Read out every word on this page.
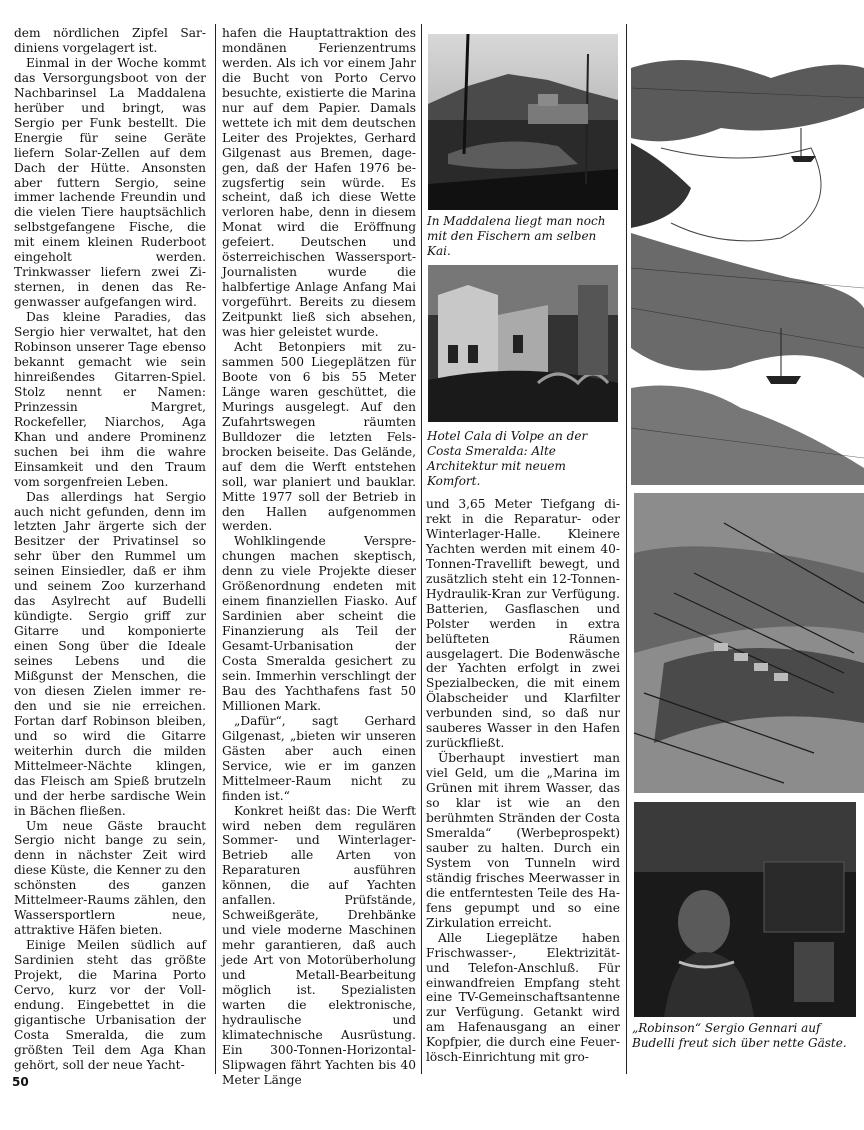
dem nördlichen Zipfel Sardiniens vorgelagert ist.

Einmal in der Woche kommt das Versorgungsboot von der Nachbarinsel La Maddalena herüber und bringt, was Sergio per Funk bestellt. Die Energie für seine Geräte liefern Solar-Zellen auf dem Dach der Hütte. Ansonsten aber futtern Sergio, seine immer lachende Freundin und die vielen Tiere hauptsächlich selbstgefangene Fische, die mit einem kleinen Ruderboot eingeholt werden. Trinkwasser liefern zwei Zisternen, in denen das Regenwasser aufgefangen wird.

Das kleine Paradies, das Sergio hier verwaltet, hat den Robinson unserer Tage ebenso bekannt gemacht wie sein hinreißendes Gitarren-Spiel. Stolz nennt er Namen: Prinzessin Margret, Rockefeller, Niarchos, Aga Khan und andere Prominenz suchen bei ihm die wahre Einsamkeit und den Traum vom sorgenfreien Leben.

Das allerdings hat Sergio auch nicht gefunden, denn im letzten Jahr ärgerte sich der Besitzer der Privatinsel so sehr über den Rummel um seinen Einsiedler, daß er ihm und seinem Zoo kurzerhand das Asylrecht auf Budelli kündigte. Sergio griff zur Gitarre und komponierte einen Song über die Ideale seines Lebens und die Mißgunst der Menschen, die von diesen Zielen immer reden und sie nie erreichen. Fortan darf Robinson bleiben, und so wird die Gitarre weiterhin durch die milden Mittelmeer-Nächte klingen, das Fleisch am Spieß brutzeln und der herbe sardische Wein in Bächen fließen.

Um neue Gäste braucht Sergio nicht bange zu sein, denn in nächster Zeit wird diese Küste, die Kenner zu den schönsten des ganzen Mittelmeer-Raums zählen, den Wassersportlern neue, attraktive Häfen bieten.

Einige Meilen südlich auf Sardinien steht das größte Projekt, die Marina Porto Cervo, kurz vor der Vollendung. Eingebettet in die gigantische Urbanisation der Costa Smeralda, die zum größten Teil dem Aga Khan gehört, soll der neue Yacht-

hafen die Hauptattraktion des mondänen Ferienzentrums werden. Als ich vor einem Jahr die Bucht von Porto Cervo besuchte, existierte die Marina nur auf dem Papier. Damals wettete ich mit dem deutschen Leiter des Projektes, Gerhard Gilgenast aus Bremen, dagegen, daß der Hafen 1976 bezugsfertig sein würde. Es scheint, daß ich diese Wette verloren habe, denn in diesem Monat wird die Eröffnung gefeiert. Deutschen und österreichischen Wassersport-Journalisten wurde die halbfertige Anlage Anfang Mai vorgeführt. Bereits zu diesem Zeitpunkt ließ sich absehen, was hier geleistet wurde.

Acht Betonpiers mit zusammen 500 Liegeplätzen für Boote von 6 bis 55 Meter Länge waren geschüttet, die Murings ausgelegt. Auf den Zufahrtswegen räumten Bulldozer die letzten Felsbrocken beiseite. Das Gelände, auf dem die Werft entstehen soll, war planiert und bauklar. Mitte 1977 soll der Betrieb in den Hallen aufgenommen werden.

Wohlklingende Versprechungen machen skeptisch, denn zu viele Projekte dieser Größenordnung endeten mit einem finanziellen Fiasko. Auf Sardinien aber scheint die Finanzierung als Teil der Gesamt-Urbanisation der Costa Smeralda gesichert zu sein. Immerhin verschlingt der Bau des Yachthafens fast 50 Millionen Mark.

„Dafür“, sagt Gerhard Gilgenast, „bieten wir unseren Gästen aber auch einen Service, wie er im ganzen Mittelmeer-Raum nicht zu finden ist.“

Konkret heißt das: Die Werft wird neben dem regulären Sommer- und Winterlager-Betrieb alle Arten von Reparaturen ausführen können, die auf Yachten anfallen. Prüfstände, Schweißgeräte, Drehbänke und viele moderne Maschinen mehr garantieren, daß auch jede Art von Motorüberholung und Metall-Bearbeitung möglich ist. Spezialisten warten die elektronische, hydraulische und klimatechnische Ausrüstung. Ein 300-Tonnen-Horizontal-Slipwagen fährt Yachten bis 40 Meter Länge

und 3,65 Meter Tiefgang direkt in die Reparatur- oder Winterlager-Halle. Kleinere Yachten werden mit einem 40-Tonnen-Travellift bewegt, und zusätzlich steht ein 12-Tonnen-Hydraulik-Kran zur Verfügung. Batterien, Gasflaschen und Polster werden in extra belüfteten Räumen ausgelagert. Die Bodenwäsche der Yachten erfolgt in zwei Spezialbecken, die mit einem Ölabscheider und Klarfilter verbunden sind, so daß nur sauberes Wasser in den Hafen zurückfließt.

Überhaupt investiert man viel Geld, um die „Marina im Grünen mit ihrem Wasser, das so klar ist wie an den berühmten Stränden der Costa Smeralda“ (Werbeprospekt) sauber zu halten. Durch ein System von Tunneln wird ständig frisches Meerwasser in die entferntesten Teile des Hafens gepumpt und so eine Zirkulation erreicht.

Alle Liegeplätze haben Frischwasser-, Elektrizität- und Telefon-Anschluß. Für einwandfreien Empfang steht eine TV-Gemeinschaftsantenne zur Verfügung. Getankt wird am Hafenausgang an einer Kopfpier, die durch eine Feuerlösch-Einrichtung mit gro-

In Maddalena liegt man noch mit den Fischern am selben Kai.
Hotel Cala di Volpe an der Costa Smeralda: Alte Architektur mit neuem Komfort.
„Robinson“ Sergio Gennari auf Budelli freut sich über nette Gäste.
50
